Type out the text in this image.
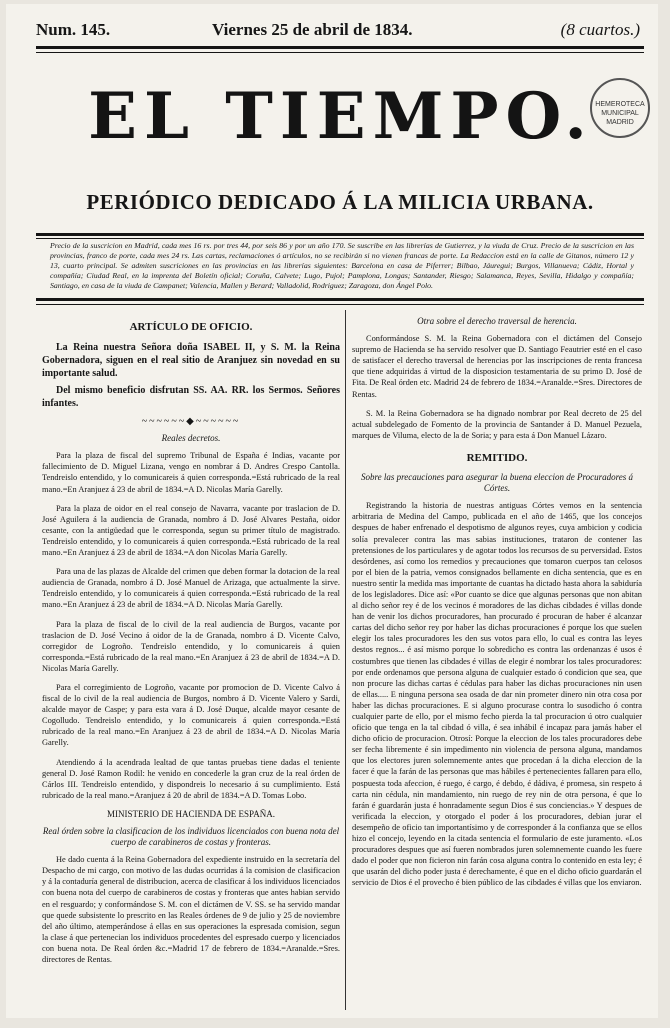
Num. 145.	Viernes 25 de abril de 1834.	(8 cuartos.)
EL TIEMPO. HEMEROTECA MUNICIPAL MADRID
PERIÓDICO DEDICADO Á LA MILICIA URBANA.
Precio de la suscricion en Madrid, cada mes 16 rs. por tres 44, por seis 86 y por un año 170. Se suscribe en las librerías de Gutierrez, y la viuda de Cruz. Precio de la suscricion en las provincias, franco de porte, cada mes 24 rs. Las cartas, reclamaciones ó artículos, no se recibirán si no vienen francas de porte. La Redaccion está en la calle de Gitanos, número 12 y 13, cuarto principal. Se admiten suscriciones en las provincias en las librerías siguientes: Barcelona en casa de Piferrer; Bilbao, Jáuregui; Burgos, Villanueva; Cádiz, Hortal y compañía; Ciudad Real, en la imprenta del Boletín oficial; Coruña, Calvete; Lugo, Pujol; Pamplona, Longas; Santander, Riesgo; Salamanca, Reyes, Sevilla, Hidalgo y compañía; Santiago, en casa de la viuda de Campanet; Valencia, Mallen y Berard; Valladolid, Rodriguez; Zaragoza, don Ángel Polo.
ARTÍCULO DE OFICIO.
La Reina nuestra Señora doña ISABEL II, y S. M. la Reina Gobernadora, siguen en el real sitio de Aranjuez sin novedad en su importante salud.
Del mismo beneficio disfrutan SS. AA. RR. los Sermos. Señores infantes.
~~~~~~◆~~~~~~
Reales decretos.

Para la plaza de fiscal del supremo Tribunal de España é Indias, vacante por fallecimiento de D. Miguel Lizana, vengo en nombrar á D. Andres Crespo Cantolla. Tendreislo entendido, y lo comunicareis á quien corresponda.=Está rubricado de la real mano.=En Aranjuez á 23 de abril de 1834.=A D. Nicolas María Garelly.

Para la plaza de oidor en el real consejo de Navarra, vacante por traslacion de D. José Aguilera á la audiencia de Granada, nombro á D. José Alvares Pestaña, oidor cesante, con la antigüedad que le corresponda, segun su primer título de magistrado. Tendreislo entendido, y lo comunicareis á quien corresponda.=Está rubricado de la real mano.=En Aranjuez á 23 de abril de 1834.=A don Nicolas María Garelly.

Para una de las plazas de Alcalde del crimen que deben formar la dotacion de la real audiencia de Granada, nombro á D. José Manuel de Arizaga, que actualmente la sirve. Tendreislo entendido, y lo comunicareis á quien corresponda.=Está rubricado de la real mano.=En Aranjuez á 23 de abril de 1834.=A D. Nicolas María Garelly.

Para la plaza de fiscal de lo civil de la real audiencia de Burgos, vacante por traslacion de D. José Vecino á oidor de la de Granada, nombro á D. Vicente Calvo, corregidor de Logroño. Tendreislo entendido, y lo comunicareis á quien corresponda.=Está rubricado de la real mano.=En Aranjuez á 23 de abril de 1834.=A D. Nicolas María Garelly.

Para el corregimiento de Logroño, vacante por promocion de D. Vicente Calvo á fiscal de lo civil de la real audiencia de Burgos, nombro á D. Vicente Valero y Sardi, alcalde mayor de Caspe; y para esta vara á D. José Duque, alcalde mayor cesante de Cogolludo. Tendreislo entendido, y lo comunicareis á quien corresponda.=Está rubricado de la real mano.=En Aranjuez á 23 de abril de 1834.=A D. Nicolas María Garelly.

Atendiendo á la acendrada lealtad de que tantas pruebas tiene dadas el teniente general D. José Ramon Rodil: he venido en concederle la gran cruz de la real órden de Cárlos III. Tendreislo entendido, y dispondreis lo necesario á su cumplimiento. Está rubricado de la real mano.=Aranjuez á 20 de abril de 1834.=A D. Tomas Lobo.

MINISTERIO DE HACIENDA DE ESPAÑA.
Real órden sobre la clasificacion de los individuos licenciados con buena nota del cuerpo de carabineros de costas y fronteras.

He dado cuenta á la Reina Gobernadora del expediente instruido en la secretaría del Despacho de mi cargo, con motivo de las dudas ocurridas á la comision de clasificacion y á la contaduría general de distribucion, acerca de clasificar á los individuos licenciados con buena nota del cuerpo de carabineros de costas y fronteras que antes habian servido en el resguardo; y conformándose S. M. con el dictámen de V. SS. se ha servido mandar que quede subsistente lo prescrito en las Reales órdenes de 9 de julio y 25 de noviembre del año último, atemperándose á ellas en sus operaciones la espresada comision, segun la clase á que pertenecian los individuos procedentes del espresado cuerpo y licenciados con buena nota. De Real órden &c.=Madrid 17 de febrero de 1834.=Aranalde.=Sres. directores de Rentas.

Otra sobre el derecho traversal de herencia.

Conformándose S. M. la Reina Gobernadora con el dictámen del Consejo supremo de Hacienda se ha servido resolver que D. Santiago Feautrier esté en el caso de satisfacer el derecho traversal de herencias por las inscripciones de renta francesa que tiene adquiridas á virtud de la disposicion testamentaria de su primo D. José de Fita. De Real órden etc. Madrid 24 de febrero de 1834.=Aranalde.=Sres. Directores de Rentas.

S. M. la Reina Gobernadora se ha dignado nombrar por Real decreto de 25 del actual subdelegado de Fomento de la provincia de Santander á D. Manuel Pezuela, marques de Viluma, electo de la de Soria; y para esta á Don Manuel Lázaro.

REMITIDO.
Sobre las precauciones para asegurar la buena eleccion de Procuradores á Córtes.

Registrando la historia de nuestras antiguas Córtes vemos en la sentencia arbitraria de Medina del Campo, publicada en el año de 1465, que los concejos despues de haber enfrenado el despotismo de algunos reyes, cuya ambicion y codicia solía prevalecer contra las mas sabias instituciones, trataron de contener las pretensiones de los particulares y de agotar todos los recursos de su perversidad. Estos desórdenes, así como los remedios y precauciones que tomaron cuerpos tan celosos por el bien de la patria, vemos consignados bellamente en dicha sentencia, que es en nuestro sentir la medida mas importante de cuantas ha dictado hasta ahora la sabiduría de los legisladores. Dice así: «Por cuanto se dice que algunas personas que non abitan al dicho señor rey é de los vecinos é moradores de las dichas cibdades é villas donde han de venir los dichos procuradores, han procurado é procuran de haber é alcanzar cartas del dicho señor rey por haber las dichas procuraciones é porque los que suelen elegir los tales procuradores les den sus votos para ello, lo cual es contra las leyes destos regnos... é así mismo porque lo sobredicho es contra las ordenanzas é usos é costumbres que tienen las cibdades é villas de elegir é nombrar los tales procuradores: por ende ordenamos que persona alguna de cualquier estado ó condicion que sea, que non procure las dichas cartas é cédulas para haber las dichas procuraciones nin usen de ellas..... E ninguna persona sea osada de dar nin prometer dinero nin otra cosa por haber las dichas procuraciones. E si alguno procurase contra lo susodicho ó contra cualquier parte de ello, por el mismo fecho pierda la tal procuracion ú otro cualquier oficio que tenga en la tal cibdad ó villa, é sea inhábil é incapaz para jamás haber el dicho oficio de procuracion. Otrosí: Porque la eleccion de los tales procuradores debe ser fecha libremente é sin impedimento nin violencia de persona alguna, mandamos que los electores juren solemnemente antes que procedan á la dicha eleccion de la facer é que la farán de las personas que mas hábiles é pertenecientes fallaren para ello, pospuesta toda afeccion, é ruego, é cargo, é debdo, é dádiva, é promesa, sin respeto á carta nin cédula, nin mandamiento, nin ruego de rey nin de otra persona, é que lo farán é guardarán justa é honradamente segun Dios é sus conciencias.» Y despues de verificada la eleccion, y otorgado el poder á los procuradores, debian jurar el desempeño de oficio tan importantísimo y de corresponder á la confianza que se ellos hizo el concejo, leyendo en la citada sentencia el formulario de este juramento. «Los procuradores despues que así fueren nombrados juren solemnemente cuando les fuere dado el poder que non ficieron nin farán cosa alguna contra lo contenido en esta ley; é que usarán del dicho poder justa é derechamente, é que en el dicho oficio guardarán el servicio de Dios é el provecho é bien público de las cibdades é villas que los enviaron.
